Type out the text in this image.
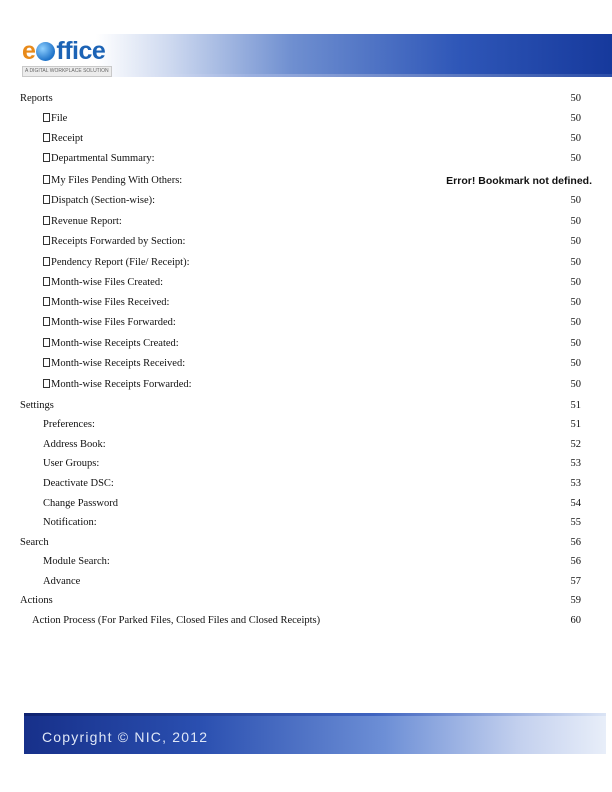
e ffice
A DIGITAL WORKPLACE SOLUTION
Reports	50
File	50
Receipt	50
Departmental Summary:	50
My Files Pending With Others:	Error! Bookmark not defined.
Dispatch (Section-wise):	50
Revenue Report:	50
Receipts Forwarded by Section:	50
Pendency Report (File/ Receipt):	50
Month-wise Files Created:	50
Month-wise Files Received:	50
Month-wise Files Forwarded:	50
Month-wise Receipts Created:	50
Month-wise Receipts Received:	50
Month-wise Receipts Forwarded:	50
Settings	51
Preferences:	51
Address Book:	52
User Groups:	53
Deactivate DSC:	53
Change Password	54
Notification:	55
Search	56
Module Search:	56
Advance	57
Actions	59
Action Process (For Parked Files, Closed Files and Closed Receipts)	60
Copyright © NIC, 2012
